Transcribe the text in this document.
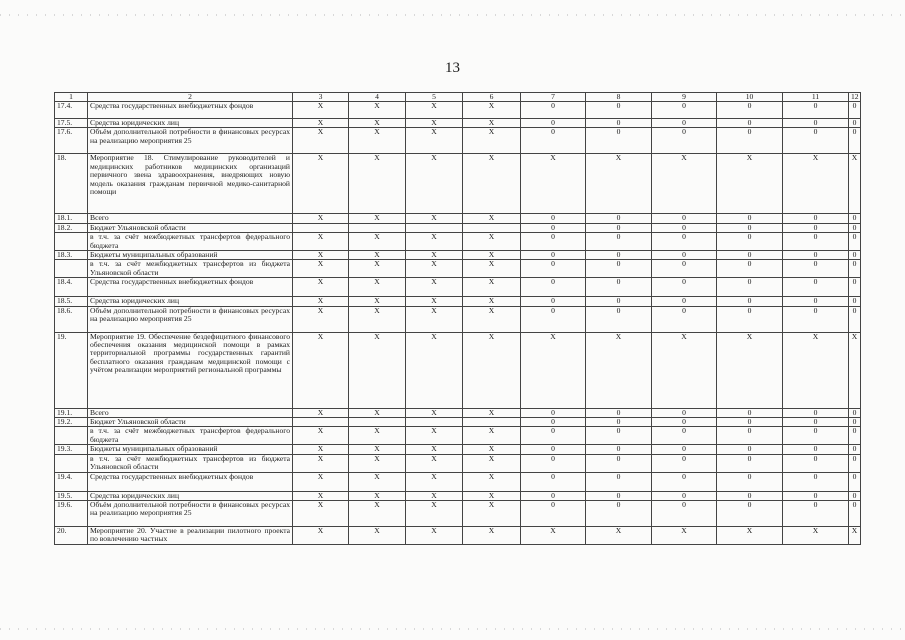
13
1	2	3	4	5	6	7	8	9	10	11	12
17.4.	Средства государственных внебюджетных фондов	X	X	X	X	0	0	0	0	0	0
17.5.	Средства юридических лиц	X	X	X	X	0	0	0	0	0	0
17.6.	Объём дополнительной потребности в финансовых ресурсах на реализацию мероприятия 25	X	X	X	X	0	0	0	0	0	0
18.	Мероприятие 18. Стимулирование руководителей и медицинских работников медицинских организаций первичного звена здравоохранения, внедряющих новую модель оказания гражданам первичной медико-санитарной помощи	X	X	X	X	X	X	X	X	X	X
18.1.	Всего	X	X	X	X	0	0	0	0	0	0
18.2.	Бюджет Ульяновской области					0	0	0	0	0	0
	в т.ч. за счёт межбюджетных трансфертов федерального бюджета	X	X	X	X	0	0	0	0	0	0
18.3.	Бюджеты муниципальных образований	X	X	X	X	0	0	0	0	0	0
	в т.ч. за счёт межбюджетных трансфертов из бюджета Ульяновской области	X	X	X	X	0	0	0	0	0	0
18.4.	Средства государственных внебюджетных фондов	X	X	X	X	0	0	0	0	0	0
18.5.	Средства юридических лиц	X	X	X	X	0	0	0	0	0	0
18.6.	Объём дополнительной потребности в финансовых ресурсах на реализацию мероприятия 25	X	X	X	X	0	0	0	0	0	0
19.	Мероприятие 19. Обеспечение бездефицитного финансового обеспечения оказания медицинской помощи в рамках территориальной программы государственных гарантий бесплатного оказания гражданам медицинской помощи с учётом реализации мероприятий региональной программы	X	X	X	X	X	X	X	X	X	X
19.1.	Всего	X	X	X	X	0	0	0	0	0	0
19.2.	Бюджет Ульяновской области					0	0	0	0	0	0
	в т.ч. за счёт межбюджетных трансфертов федерального бюджета	X	X	X	X	0	0	0	0	0	0
19.3.	Бюджеты муниципальных образований	X	X	X	X	0	0	0	0	0	0
	в т.ч. за счёт межбюджетных трансфертов из бюджета Ульяновской области	X	X	X	X	0	0	0	0	0	0
19.4.	Средства государственных внебюджетных фондов	X	X	X	X	0	0	0	0	0	0
19.5.	Средства юридических лиц	X	X	X	X	0	0	0	0	0	0
19.6.	Объём дополнительной потребности в финансовых ресурсах на реализацию мероприятия 25	X	X	X	X	0	0	0	0	0	0
20.	Мероприятие 20. Участие в реализации пилотного проекта по вовлечению частных	X	X	X	X	X	X	X	X	X	X
